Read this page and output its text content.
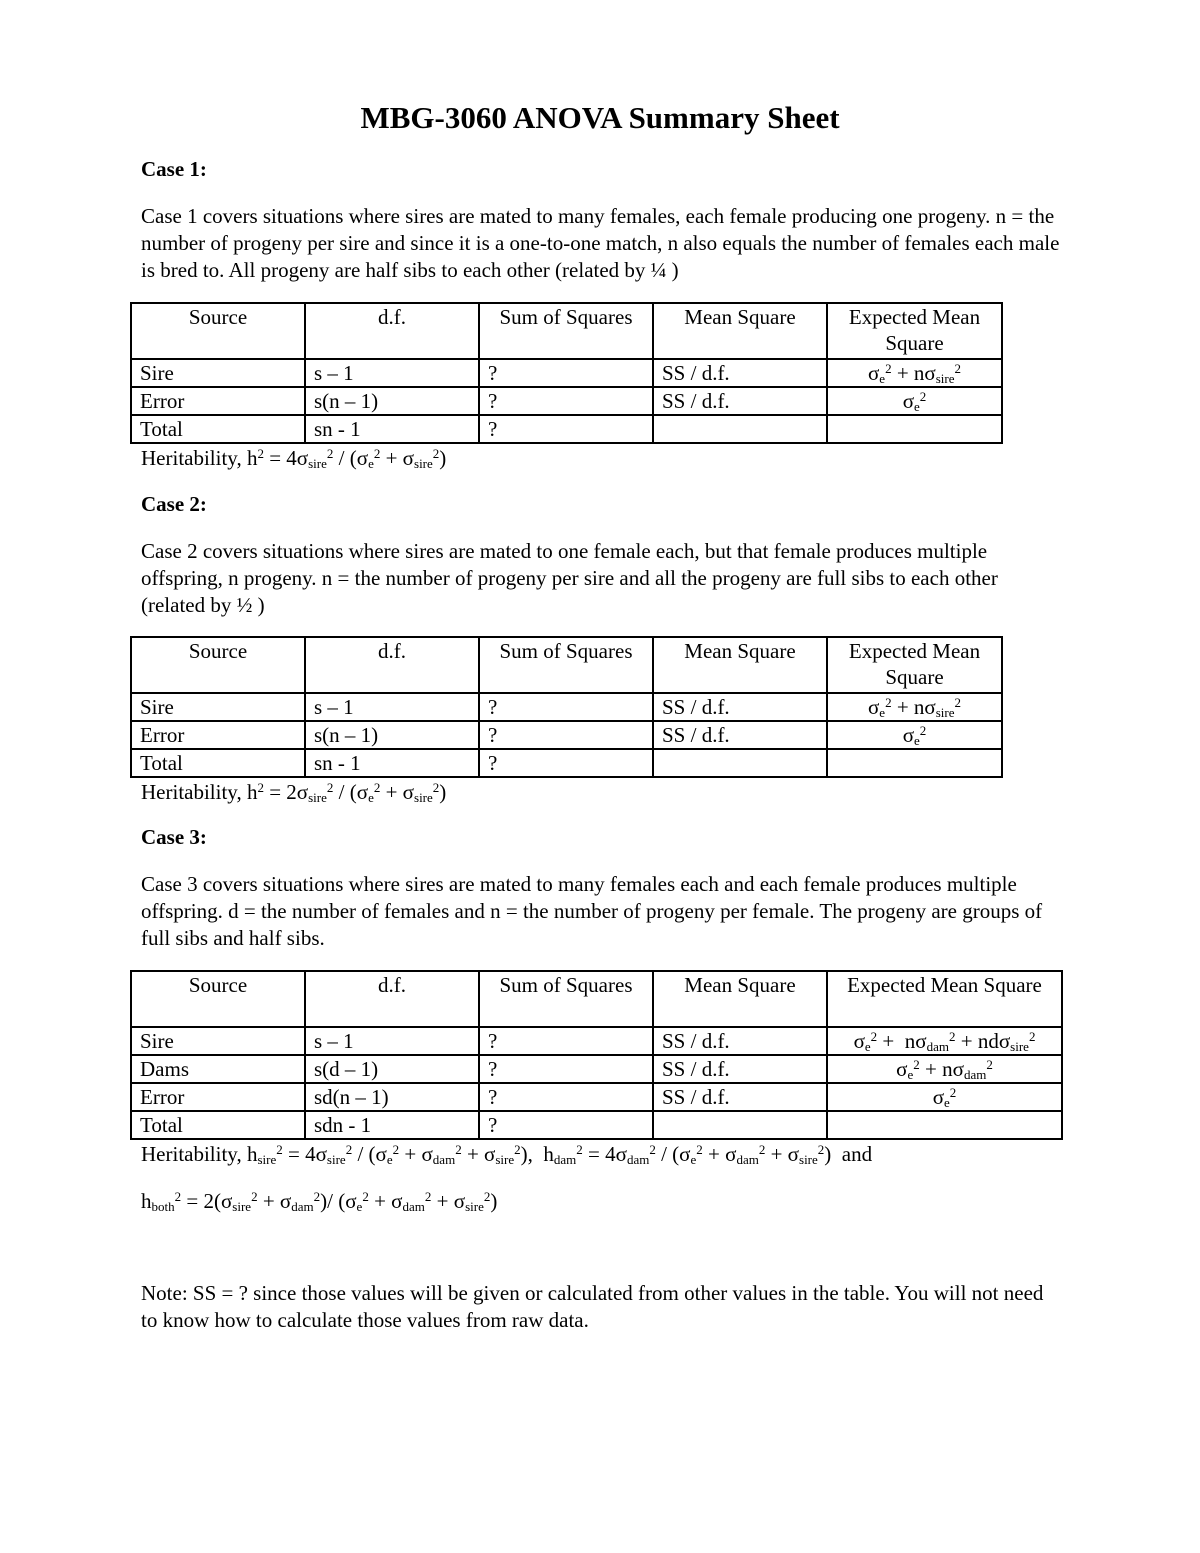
MBG-3060 ANOVA Summary Sheet
Case 1:
Case 1 covers situations where sires are mated to many females, each female producing one progeny. n = the number of progeny per sire and since it is a one-to-one match, n also equals the number of females each male is bred to. All progeny are half sibs to each other (related by ¼ )
Source	d.f.	Sum of Squares	Mean Square	Expected Mean Square
Sire	s – 1	?	SS / d.f.	$\sigma_e^2 + n\sigma_{sire}^2$
Error	s(n – 1)	?	SS / d.f.	$\sigma_e^2$
Total	sn - 1	?		
Heritability, $h^2 = 4\sigma_{sire}^2 / (\sigma_e^2 + \sigma_{sire}^2)$
Case 2:
Case 2 covers situations where sires are mated to one female each, but that female produces multiple offspring, n progeny. n = the number of progeny per sire and all the progeny are full sibs to each other (related by ½ )
Source	d.f.	Sum of Squares	Mean Square	Expected Mean Square
Sire	s – 1	?	SS / d.f.	$\sigma_e^2 + n\sigma_{sire}^2$
Error	s(n – 1)	?	SS / d.f.	$\sigma_e^2$
Total	sn - 1	?		
Heritability, $h^2 = 2\sigma_{sire}^2 / (\sigma_e^2 + \sigma_{sire}^2)$
Case 3:
Case 3 covers situations where sires are mated to many females each and each female produces multiple offspring. d = the number of females and n = the number of progeny per female. The progeny are groups of full sibs and half sibs.
Source	d.f.	Sum of Squares	Mean Square	Expected Mean Square
Sire	s – 1	?	SS / d.f.	$\sigma_e^2 + n\sigma_{dam}^2 + nd\sigma_{sire}^2$
Dams	s(d – 1)	?	SS / d.f.	$\sigma_e^2 + n\sigma_{dam}^2$
Error	sd(n – 1)	?	SS / d.f.	$\sigma_e^2$
Total	sdn - 1	?		
Heritability, $h_{sire}^2 = 4\sigma_{sire}^2 / (\sigma_e^2 + \sigma_{dam}^2 + \sigma_{sire}^2)$,  $h_{dam}^2 = 4\sigma_{dam}^2 / (\sigma_e^2 + \sigma_{dam}^2 + \sigma_{sire}^2)$  and
$h_{both}^2 = 2(\sigma_{sire}^2 + \sigma_{dam}^2)/$ $(\sigma_e^2 + \sigma_{dam}^2 + \sigma_{sire}^2)$
Note: SS = ? since those values will be given or calculated from other values in the table. You will not need to know how to calculate those values from raw data.
